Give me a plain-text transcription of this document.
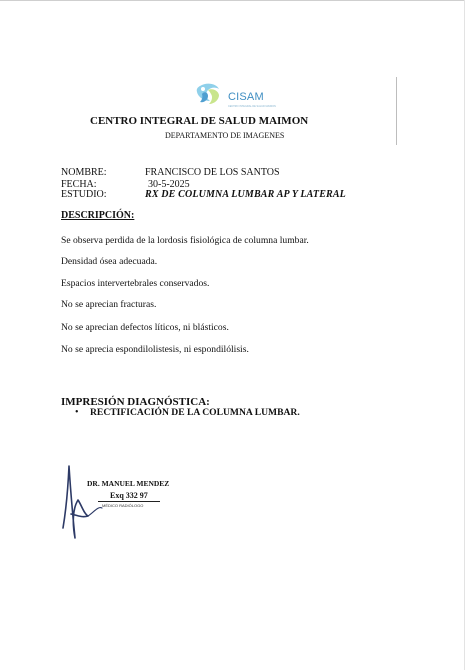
CISAM
CENTRO INTEGRAL DE SALUD MAIMON
CENTRO INTEGRAL DE SALUD MAIMON
DEPARTAMENTO DE IMAGENES
NOMBRE:	FRANCISCO DE LOS SANTOS
FECHA:	30-5-2025
ESTUDIO:	RX DE COLUMNA LUMBAR AP Y LATERAL
DESCRIPCIÓN:
Se observa perdida de la lordosis fisiológica de columna lumbar.
Densidad ósea adecuada.
Espacios intervertebrales conservados.
No se aprecian fracturas.
No se aprecian defectos líticos, ni blásticos.
No se aprecia espondilolistesis, ni espondilólisis.
IMPRESIÓN DIAGNÓSTICA:
• RECTIFICACIÓN DE LA COLUMNA LUMBAR.
DR. MANUEL MENDEZ
Exq 332 97
MÉDICO RADIÓLOGO
